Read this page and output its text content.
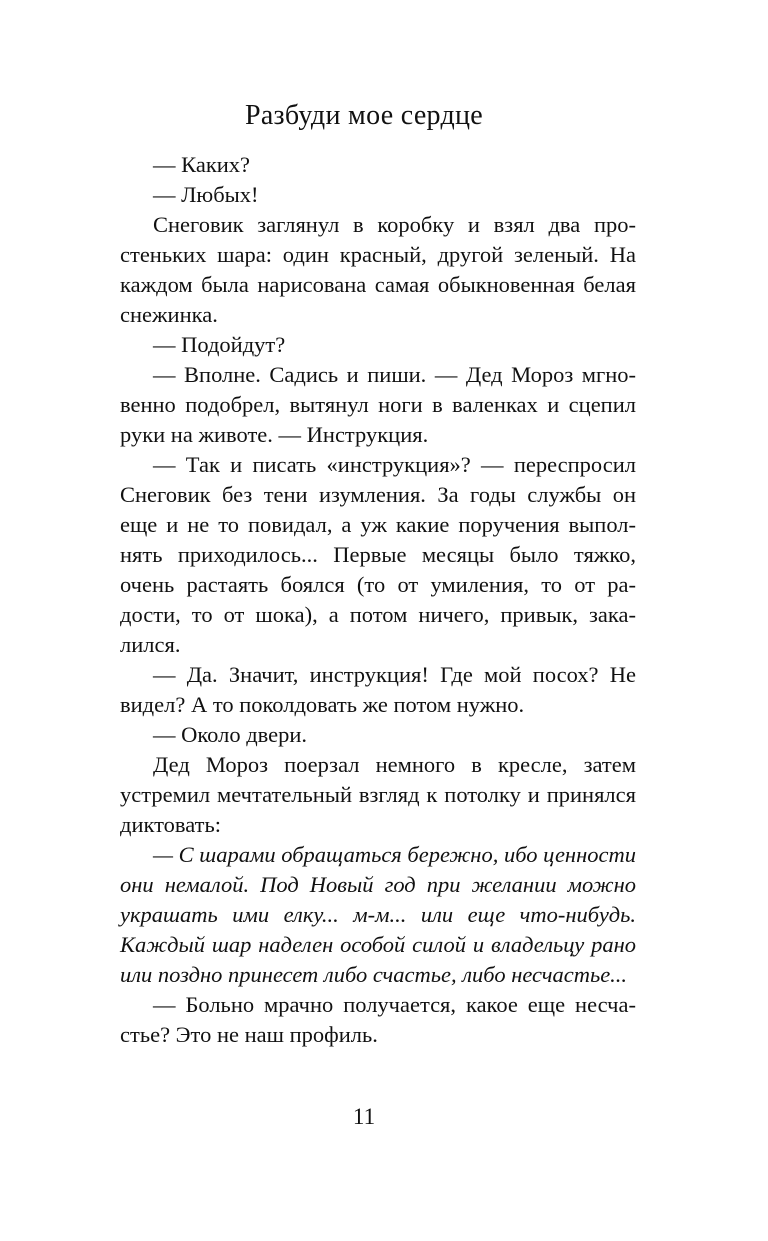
Разбуди мое сердце

— Каких?

— Любых!

Снеговик заглянул в коробку и взял два простеньких шара: один красный, другой зеленый. На каждом была нарисована самая обыкновенная белая снежинка.

— Подойдут?

— Вполне. Садись и пиши. — Дед Мороз мгновенно подобрел, вытянул ноги в валенках и сцепил руки на животе. — Инструкция.

— Так и писать «инструкция»? — переспросил Снеговик без тени изумления. За годы службы он еще и не то повидал, а уж какие поручения выполнять приходилось... Первые месяцы было тяжко, очень растаять боялся (то от умиления, то от радости, то от шока), а потом ничего, привык, закалился.

— Да. Значит, инструкция! Где мой посох? Не видел? А то поколдовать же потом нужно.

— Около двери.

Дед Мороз поерзал немного в кресле, затем устремил мечтательный взгляд к потолку и принялся диктовать:

— С шарами обращаться бережно, ибо ценности они немалой. Под Новый год при желании можно украшать ими елку... м-м... или еще что-нибудь. Каждый шар наделен особой силой и владельцу рано или поздно принесет либо счастье, либо несчастье...

— Больно мрачно получается, какое еще несчастье? Это не наш профиль.

11
